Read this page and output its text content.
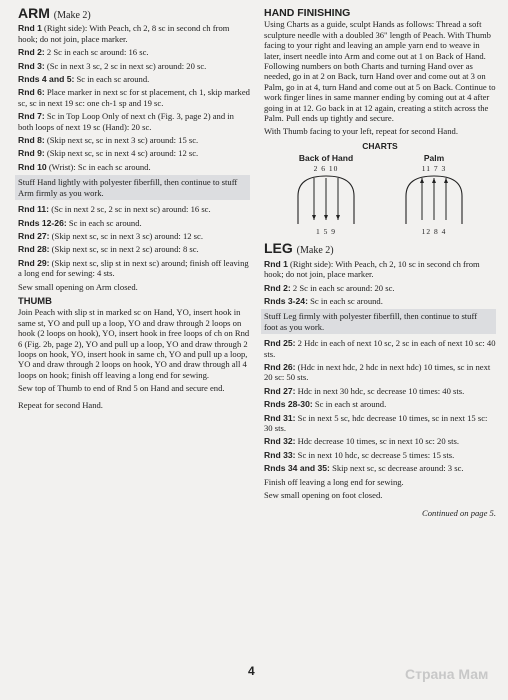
ARM (Make 2)

Rnd 1 (Right side): With Peach, ch 2, 8 sc in second ch from hook; do not join, place marker.

Rnd 2: 2 Sc in each sc around: 16 sc.

Rnd 3: (Sc in next 3 sc, 2 sc in next sc) around: 20 sc.

Rnds 4 and 5: Sc in each sc around.

Rnd 6: Place marker in next sc for st placement, ch 1, skip marked sc, sc in next 19 sc: one ch-1 sp and 19 sc.

Rnd 7: Sc in Top Loop Only of next ch (Fig. 3, page 2) and in both loops of next 19 sc (Hand): 20 sc.

Rnd 8: (Skip next sc, sc in next 3 sc) around: 15 sc.

Rnd 9: (Skip next sc, sc in next 4 sc) around: 12 sc.

Rnd 10 (Wrist): Sc in each sc around.

Stuff Hand lightly with polyester fiberfill, then continue to stuff Arm firmly as you work.

Rnd 11: (Sc in next 2 sc, 2 sc in next sc) around: 16 sc.

Rnds 12-26: Sc in each sc around.

Rnd 27: (Skip next sc, sc in next 3 sc) around: 12 sc.

Rnd 28: (Skip next sc, sc in next 2 sc) around: 8 sc.

Rnd 29: (Skip next sc, slip st in next sc) around; finish off leaving a long end for sewing: 4 sts.

Sew small opening on Arm closed.

THUMB

Join Peach with slip st in marked sc on Hand, YO, insert hook in same st, YO and pull up a loop, YO and draw through 2 loops on hook (2 loops on hook), YO, insert hook in free loops of ch on Rnd 6 (Fig. 2b, page 2), YO and pull up a loop, YO and draw through 2 loops on hook, YO, insert hook in same ch, YO and pull up a loop, YO and draw through 2 loops on hook, YO and draw through all 4 loops on hook; finish off leaving a long end for sewing.

Sew top of Thumb to end of Rnd 5 on Hand and secure end.

Repeat for second Hand.

HAND FINISHING

Using Charts as a guide, sculpt Hands as follows: Thread a soft sculpture needle with a doubled 36" length of Peach. With Thumb facing to your right and leaving an ample yarn end to weave in later, insert needle into Arm and come out at 1 on Back of Hand. Following numbers on both Charts and turning Hand over as needed, go in at 2 on Back, turn Hand over and come out at 3 on Palm, go in at 4, turn Hand and come out at 5 on Back. Continue to work finger lines in same manner ending by coming out at 4 after going in at 12. Go back in at 12 again, creating a stitch across the Palm. Pull ends up tightly and secure.

With Thumb facing to your left, repeat for second Hand.

CHARTS
Back of Hand
2 6 10
1 5 9
Palm
11 7 3
12 8 4
LEG (Make 2)

Rnd 1 (Right side): With Peach, ch 2, 10 sc in second ch from hook; do not join, place marker.

Rnd 2: 2 Sc in each sc around: 20 sc.

Rnds 3-24: Sc in each sc around.

Stuff Leg firmly with polyester fiberfill, then continue to stuff foot as you work.

Rnd 25: 2 Hdc in each of next 10 sc, 2 sc in each of next 10 sc: 40 sts.

Rnd 26: (Hdc in next hdc, 2 hdc in next hdc) 10 times, sc in next 20 sc: 50 sts.

Rnd 27: Hdc in next 30 hdc, sc decrease 10 times: 40 sts.

Rnds 28-30: Sc in each st around.

Rnd 31: Sc in next 5 sc, hdc decrease 10 times, sc in next 15 sc: 30 sts.

Rnd 32: Hdc decrease 10 times, sc in next 10 sc: 20 sts.

Rnd 33: Sc in next 10 hdc, sc decrease 5 times: 15 sts.

Rnds 34 and 35: Skip next sc, sc decrease around: 3 sc.

Finish off leaving a long end for sewing.

Sew small opening on foot closed.

Continued on page 5.
4	Страна Мам
